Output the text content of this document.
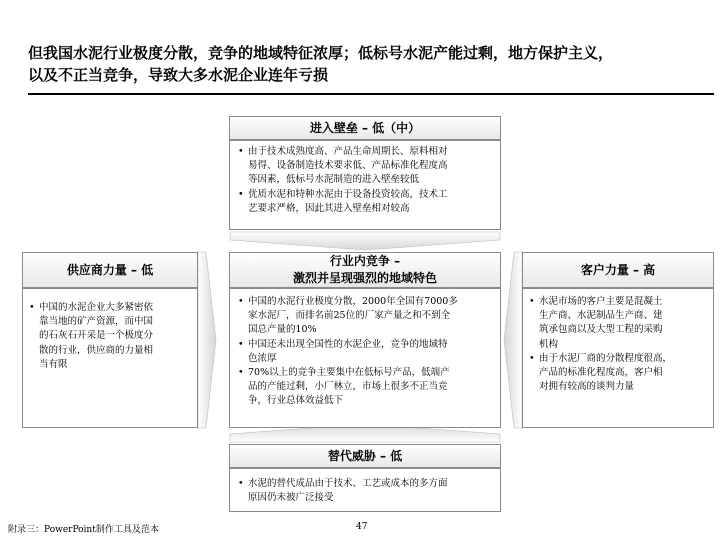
但我国水泥行业极度分散，竞争的地域特征浓厚；低标号水泥产能过剩，地方保护主义，
以及不正当竞争，导致大多水泥企业连年亏损
进入壁垒 – 低（中）
• 由于技术成熟度高、产品生命周期长、原料相对
易得、设备制造技术要求低、产品标准化程度高
等因素，低标号水泥制造的进入壁垒较低
• 优质水泥和特种水泥由于设备投资较高，技术工
艺要求严格，因此其进入壁垒相对较高
供应商力量 – 低
• 中国的水泥企业大多紧密依
靠当地的矿产资源，而中国
的石灰石开采是一个极度分
散的行业，供应商的力量相
当有限
行业内竞争 –
激烈并呈现强烈的地域特色
• 中国的水泥行业极度分散，2000年全国有7000多
家水泥厂，而排名前25位的厂家产量之和不到全
国总产量的10%
• 中国还未出现全国性的水泥企业，竞争的地域特
色浓厚
• 70%以上的竞争主要集中在低标号产品，低端产
品的产能过剩，小厂林立，市场上很多不正当竞
争，行业总体效益低下
客户力量 – 高
• 水泥市场的客户主要是混凝土
生产商、水泥制品生产商、建
筑承包商以及大型工程的采购
机构
• 由于水泥厂商的分散程度很高，
产品的标准化程度高，客户相
对拥有较高的谈判力量
替代威胁 – 低
• 水泥的替代成品由于技术、工艺或成本的多方面
原因仍未被广泛接受
附录三：PowerPoint制作工具及范本	47
